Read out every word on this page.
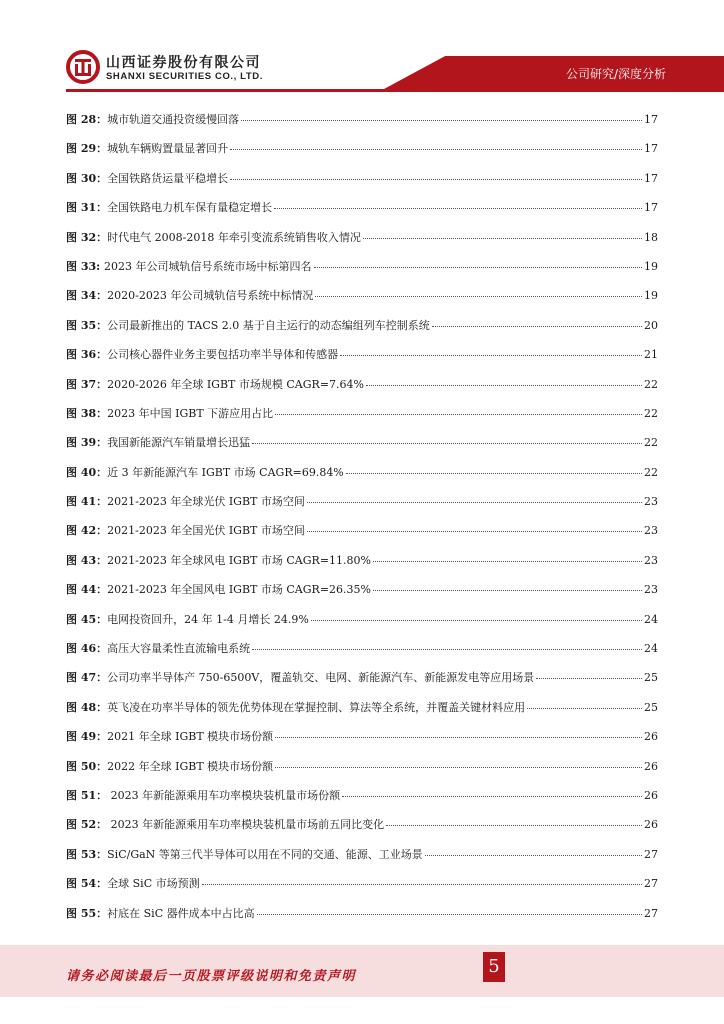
山西证券股份有限公司
SHANXI SECURITIES CO., LTD.	公司研究/深度分析
图 28：城市轨道交通投资缓慢回落	17
图 29：城轨车辆购置量显著回升	17
图 30：全国铁路货运量平稳增长	17
图 31：全国铁路电力机车保有量稳定增长	17
图 32：时代电气 2008-2018 年牵引变流系统销售收入情况	18
图 33: 2023 年公司城轨信号系统市场中标第四名	19
图 34：2020-2023 年公司城轨信号系统中标情况	19
图 35：公司最新推出的 TACS 2.0 基于自主运行的动态编组列车控制系统	20
图 36：公司核心器件业务主要包括功率半导体和传感器	21
图 37：2020-2026 年全球 IGBT 市场规模 CAGR=7.64%	22
图 38：2023 年中国 IGBT 下游应用占比	22
图 39：我国新能源汽车销量增长迅猛	22
图 40：近 3 年新能源汽车 IGBT 市场 CAGR=69.84%	22
图 41：2021-2023 年全球光伏 IGBT 市场空间	23
图 42：2021-2023 年全国光伏 IGBT 市场空间	23
图 43：2021-2023 年全球风电 IGBT 市场 CAGR=11.80%	23
图 44：2021-2023 年全国风电 IGBT 市场 CAGR=26.35%	23
图 45：电网投资回升，24 年 1-4 月增长 24.9%	24
图 46：高压大容量柔性直流输电系统	24
图 47：公司功率半导体产 750-6500V，覆盖轨交、电网、新能源汽车、新能源发电等应用场景	25
图 48：英飞凌在功率半导体的领先优势体现在掌握控制、算法等全系统，并覆盖关键材料应用	25
图 49：2021 年全球 IGBT 模块市场份额	26
图 50：2022 年全球 IGBT 模块市场份额	26
图 51： 2023 年新能源乘用车功率模块装机量市场份额	26
图 52： 2023 年新能源乘用车功率模块装机量市场前五同比变化	26
图 53：SiC/GaN 等第三代半导体可以用在不同的交通、能源、工业场景	27
图 54：全球 SiC 市场预测	27
图 55：衬底在 SiC 器件成本中占比高	27
请务必阅读最后一页股票评级说明和免责声明	5
